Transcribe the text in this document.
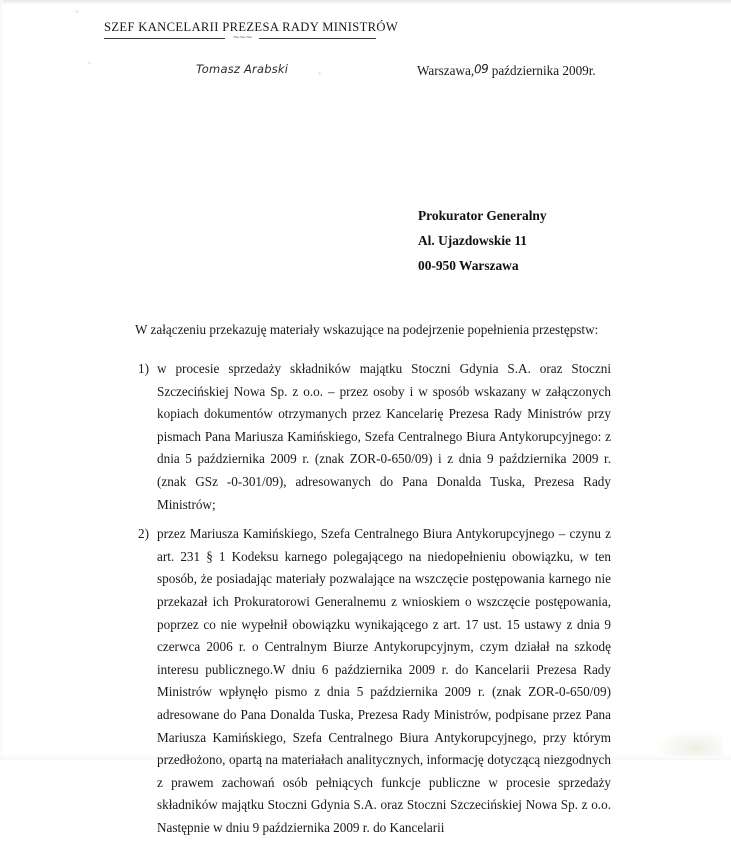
SZEF KANCELARII PREZESA RADY MINISTRÓW
~~~
Tomasz Arabski	Warszawa,09 października 2009r.
Prokurator Generalny
Al. Ujazdowskie 11
00-950 Warszawa
W załączeniu przekazuję materiały wskazujące na podejrzenie popełnienia przestępstw:
1) w procesie sprzedaży składników majątku Stoczni Gdynia S.A. oraz Stoczni Szczecińskiej Nowa Sp. z o.o. – przez osoby i w sposób wskazany w załączonych kopiach dokumentów otrzymanych przez Kancelarię Prezesa Rady Ministrów przy pismach Pana Mariusza Kamińskiego, Szefa Centralnego Biura Antykorupcyjnego: z dnia 5 października 2009 r. (znak ZOR-0-650/09) i z dnia 9 października 2009 r. (znak GSz -0-301/09), adresowanych do Pana Donalda Tuska, Prezesa Rady Ministrów;
2) przez Mariusza Kamińskiego, Szefa Centralnego Biura Antykorupcyjnego – czynu z art. 231 § 1 Kodeksu karnego polegającego na niedopełnieniu obowiązku, w ten sposób, że posiadając materiały pozwalające na wszczęcie postępowania karnego nie przekazał ich Prokuratorowi Generalnemu z wnioskiem o wszczęcie postępowania, poprzez co nie wypełnił obowiązku wynikającego z art. 17 ust. 15 ustawy z dnia 9 czerwca 2006 r. o Centralnym Biurze Antykorupcyjnym, czym działał na szkodę interesu publicznego.W dniu 6 października 2009 r. do Kancelarii Prezesa Rady Ministrów wpłynęło pismo z dnia 5 października 2009 r. (znak ZOR-0-650/09) adresowane do Pana Donalda Tuska, Prezesa Rady Ministrów, podpisane przez Pana Mariusza Kamińskiego, Szefa Centralnego Biura Antykorupcyjnego, przy którym przedłożono, opartą na materiałach analitycznych, informację dotyczącą niezgodnych z prawem zachowań osób pełniących funkcje publiczne w procesie sprzedaży składników majątku Stoczni Gdynia S.A. oraz Stoczni Szczecińskiej Nowa Sp. z o.o. Następnie w dniu 9 października 2009 r. do Kancelarii
